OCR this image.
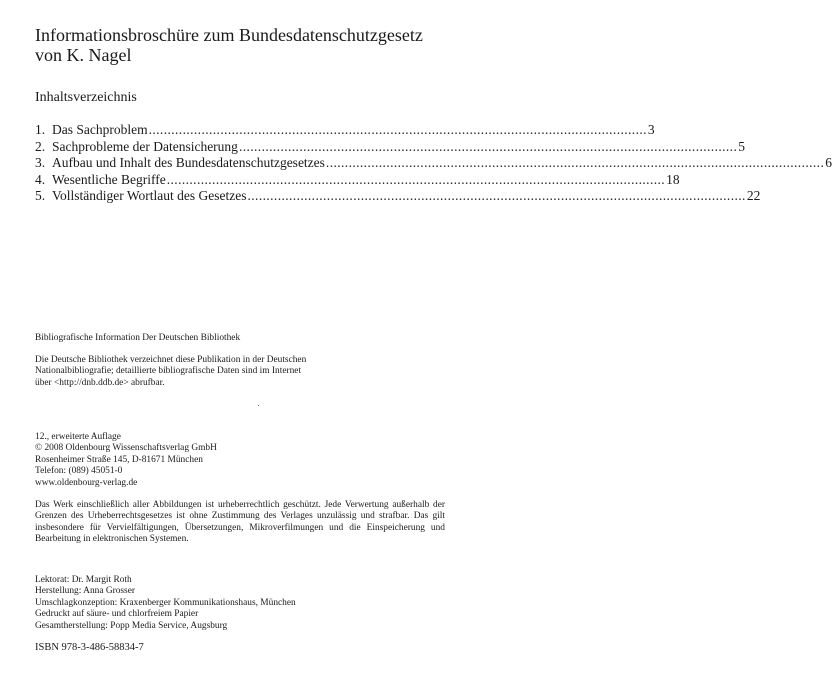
Informationsbroschüre zum Bundesdatenschutzgesetz
von K. Nagel
Inhaltsverzeichnis
1. Das Sachproblem .................................................................................................................................... 3
2. Sachprobleme der Datensicherung .................................................................................................................................... 5
3. Aufbau und Inhalt des Bundesdatenschutzgesetzes .................................................................................................................................... 6
4. Wesentliche Begriffe .................................................................................................................................... 18
5. Vollständiger Wortlaut des Gesetzes .................................................................................................................................... 22

Bibliografische Information Der Deutschen Bibliothek

Die Deutsche Bibliothek verzeichnet diese Publikation in der Deutschen

Nationalbibliografie; detaillierte bibliografische Daten sind im Internet

über <http://dnb.ddb.de> abrufbar.

12., erweiterte Auflage

© 2008 Oldenbourg Wissenschaftsverlag GmbH

Rosenheimer Straße 145, D-81671 München

Telefon: (089) 45051-0

www.oldenbourg-verlag.de

Das Werk einschließlich aller Abbildungen ist urheberrechtlich geschützt. Jede Verwertung außerhalb der Grenzen des Urheberrechtsgesetzes ist ohne Zustimmung des Verlages unzulässig und strafbar. Das gilt insbesondere für Vervielfältigungen, Übersetzungen, Mikroverfilmungen und die Einspeicherung und Bearbeitung in elektronischen Systemen.

Lektorat: Dr. Margit Roth

Herstellung: Anna Grosser

Umschlagkonzeption: Kraxenberger Kommunikationshaus, München

Gedruckt auf säure- und chlorfreiem Papier

Gesamtherstellung: Popp Media Service, Augsburg

ISBN 978-3-486-58834-7
